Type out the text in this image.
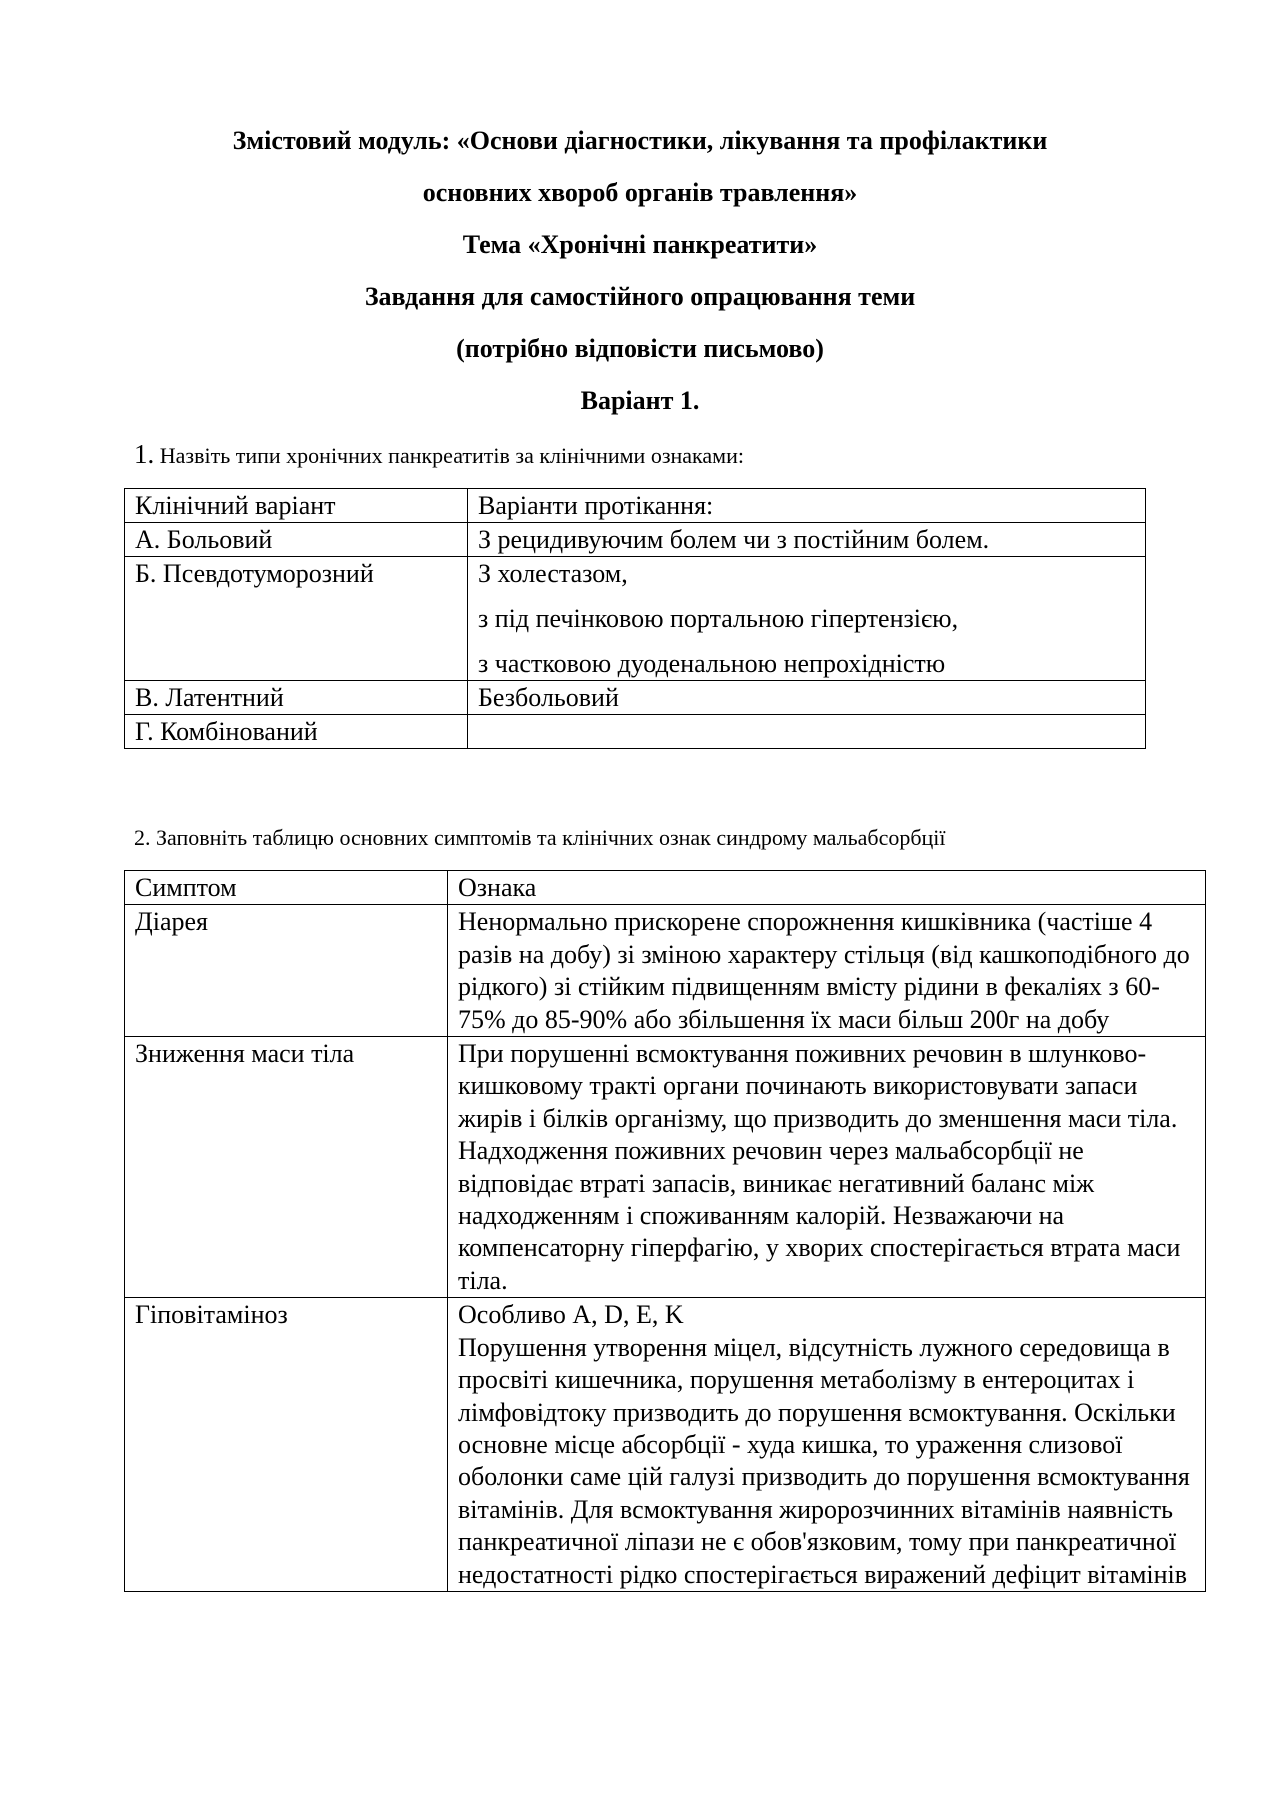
Змістовий модуль: «Основи діагностики, лікування та профілактики
основних хвороб органів травлення»
Тема «Хронічні панкреатити»
Завдання для самостійного опрацювання теми
(потрібно відповісти письмово)
Варіант 1.
1. Назвіть типи хронічних панкреатитів за клінічними ознаками:
Клінічний варіант	Варіанти протікання:
А. Больовий	З рецидивуючим болем чи з постійним болем.
Б. Псевдотуморозний	З холестазом,
з під печінковою портальною гіпертензією,
з частковою дуоденальною непрохідністю

В. Латентний	Безбольовий
Г. Комбінований	
2. Заповніть таблицю основних симптомів та клінічних ознак синдрому мальабсорбції
Симптом	Ознака
Діарея	Ненормально прискорене спорожнення кишківника (частіше 4 разів на добу) зі зміною характеру стільця (від кашкоподібного до рідкого) зі стійким підвищенням вмісту рідини в фекаліях з 60-75% до 85-90% або збільшення їх маси більш 200г на добу
Зниження маси тіла	При порушенні всмоктування поживних речовин в шлунково-кишковому тракті органи починають використовувати запаси жирів і білків організму, що призводить до зменшення маси тіла. Надходження поживних речовин через мальабсорбції не відповідає втраті запасів, виникає негативний баланс між надходженням і споживанням калорій. Незважаючи на компенсаторну гіперфагію, у хворих спостерігається втрата маси тіла.
Гіповітаміноз	Особливо A, D, E, K
Порушення утворення міцел, відсутність лужного середовища в просвіті кишечника, порушення метаболізму в ентероцитах і лімфовідтоку призводить до порушення всмоктування. Оскільки основне місце абсорбції - худа кишка, то ураження слизової оболонки саме цій галузі призводить до порушення всмоктування вітамінів. Для всмоктування жиророзчинних вітамінів наявність панкреатичної ліпази не є обов'язковим, тому при панкреатичної недостатності рідко спостерігається виражений дефіцит вітамінів
